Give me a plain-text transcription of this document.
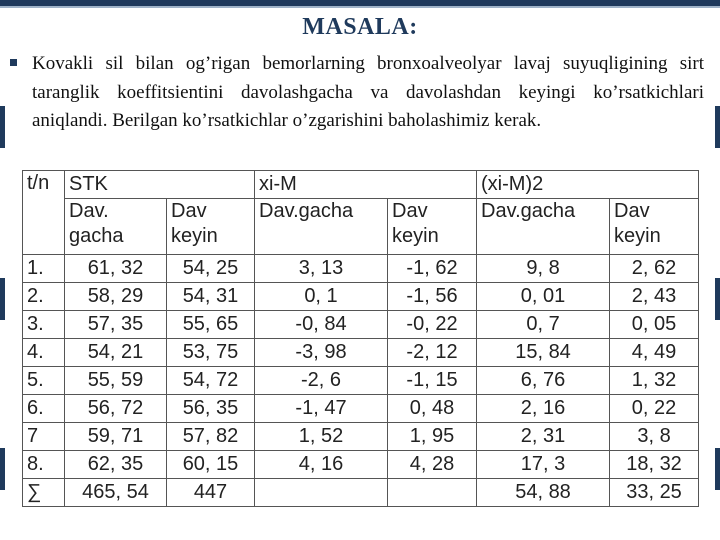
MASALA:
Kovakli sil bilan og’rigan bemorlarning bronxoalveolyar lavaj suyuqligining sirt taranglik koeffitsientini davolashgacha va davolashdan keyingi ko’rsatkichlari aniqlandi. Berilgan ko’rsatkichlar o’zgarishini baholashimiz kerak.
t/n	STK		xi-M		(xi-M)2	
	Dav. gacha	Dav keyin	Dav.gacha	Dav keyin	Dav.gacha	Dav keyin
1.	61, 32	54, 25	3, 13	-1, 62	9, 8	2, 62
2.	58, 29	54, 31	0, 1	-1, 56	0, 01	2, 43
3.	57, 35	55, 65	-0, 84	-0, 22	0, 7	0, 05
4.	54, 21	53, 75	-3, 98	-2, 12	15, 84	4, 49
5.	55, 59	54, 72	-2, 6	-1, 15	6, 76	1, 32
6.	56, 72	56, 35	-1, 47	0, 48	2, 16	0, 22
7	59, 71	57, 82	1, 52	1, 95	2, 31	3, 8
8.	62, 35	60, 15	4, 16	4, 28	17, 3	18, 32
∑	465, 54	447			54, 88	33, 25
